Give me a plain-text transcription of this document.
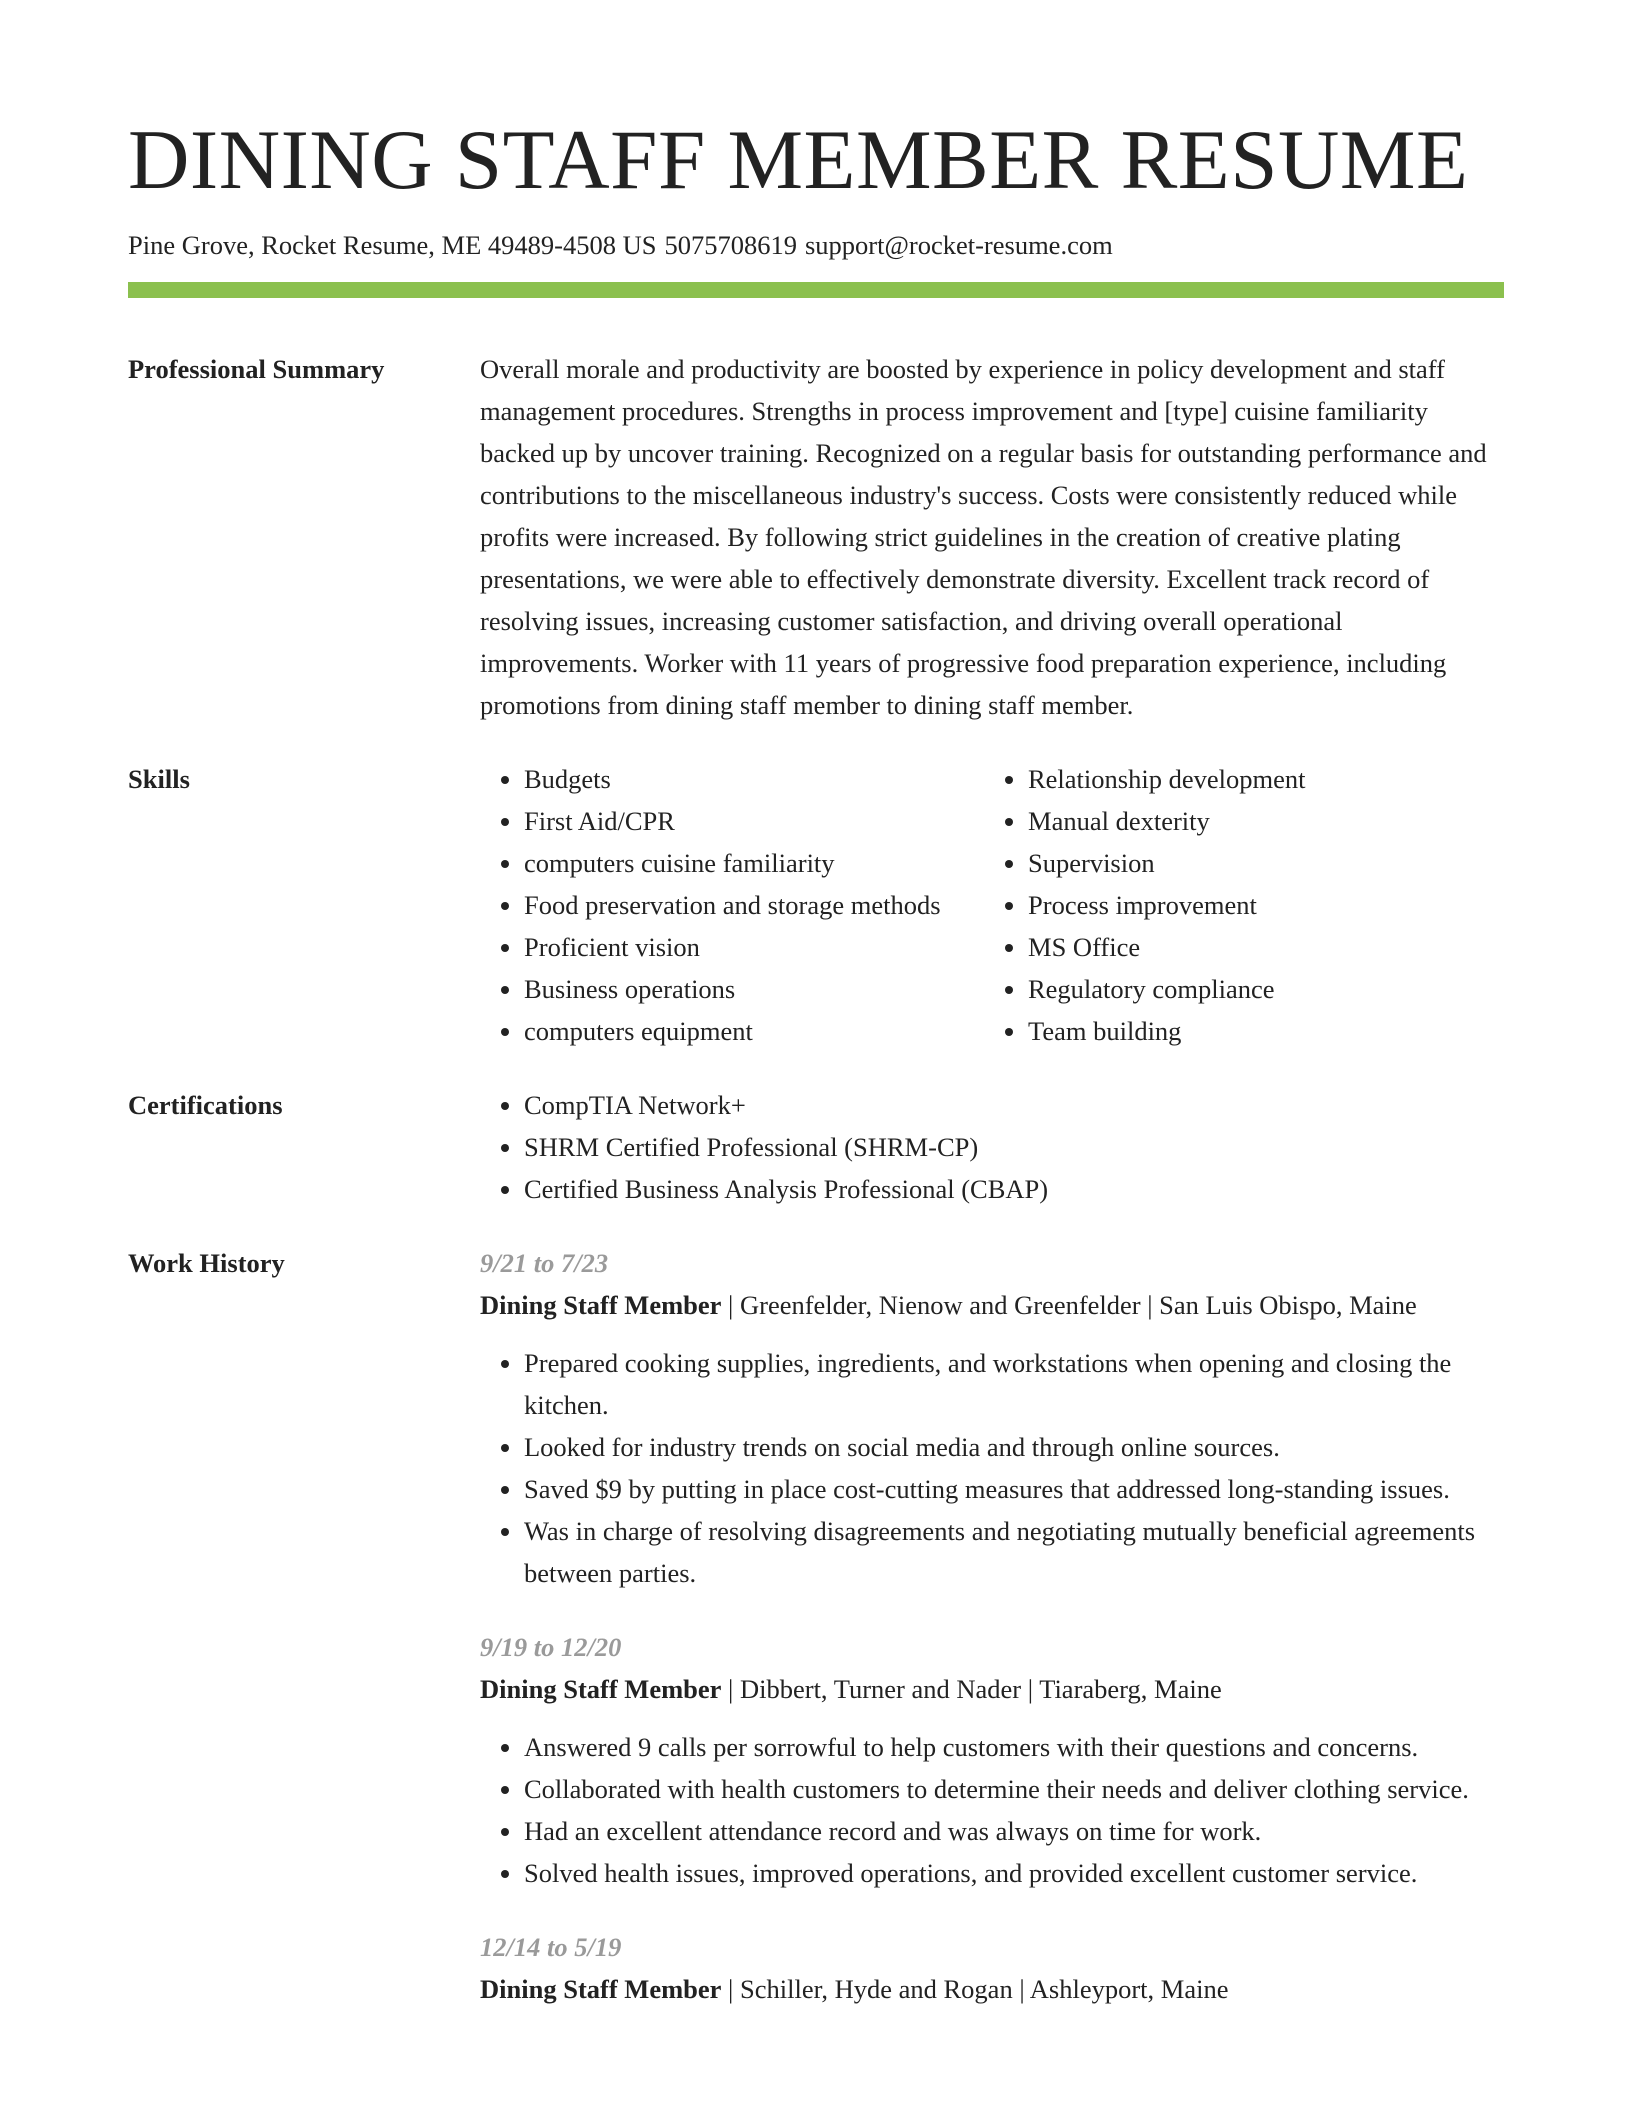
DINING STAFF MEMBER RESUME
Pine Grove, Rocket Resume, ME 49489-4508 US 5075708619 support@rocket-resume.com
Professional Summary	Overall morale and productivity are boosted by experience in policy development and staff management procedures. Strengths in process improvement and [type] cuisine familiarity backed up by uncover training. Recognized on a regular basis for outstanding performance and contributions to the miscellaneous industry's success. Costs were consistently reduced while profits were increased. By following strict guidelines in the creation of creative plating presentations, we were able to effectively demonstrate diversity. Excellent track record of resolving issues, increasing customer satisfaction, and driving overall operational improvements. Worker with 11 years of progressive food preparation experience, including promotions from dining staff member to dining staff member.
Skills	• Budgets
• First Aid/CPR
• computers cuisine familiarity
• Food preservation and storage methods
• Proficient vision
• Business operations
• computers equipment
• Relationship development
• Manual dexterity
• Supervision
• Process improvement
• MS Office
• Regulatory compliance
• Team building
Certifications	• CompTIA Network+
• SHRM Certified Professional (SHRM-CP)
• Certified Business Analysis Professional (CBAP)
Work History	9/21 to 7/23
Dining Staff Member | Greenfelder, Nienow and Greenfelder | San Luis Obispo, Maine
• Prepared cooking supplies, ingredients, and workstations when opening and closing the kitchen.
• Looked for industry trends on social media and through online sources.
• Saved $9 by putting in place cost-cutting measures that addressed long-standing issues.
• Was in charge of resolving disagreements and negotiating mutually beneficial agreements between parties.
9/19 to 12/20
Dining Staff Member | Dibbert, Turner and Nader | Tiaraberg, Maine
• Answered 9 calls per sorrowful to help customers with their questions and concerns.
• Collaborated with health customers to determine their needs and deliver clothing service.
• Had an excellent attendance record and was always on time for work.
• Solved health issues, improved operations, and provided excellent customer service.
12/14 to 5/19
Dining Staff Member | Schiller, Hyde and Rogan | Ashleyport, Maine
